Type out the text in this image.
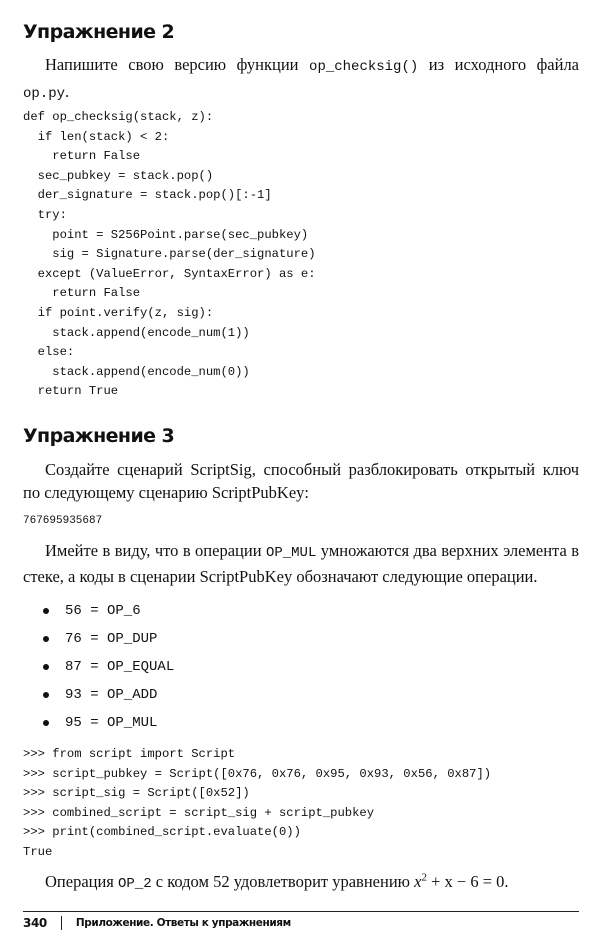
Упражнение 2
Напишите свою версию функции op_checksig() из исходного файла op.py.
def op_checksig(stack, z):
if len(stack) < 2:
return False
sec_pubkey = stack.pop()
der_signature = stack.pop()[:-1]
try:
point = S256Point.parse(sec_pubkey)
sig = Signature.parse(der_signature)
except (ValueError, SyntaxError) as e:
return False
if point.verify(z, sig):
stack.append(encode_num(1))
else:
stack.append(encode_num(0))
return True
Упражнение 3
Создайте сценарий ScriptSig, способный разблокировать открытый ключ по следующему сценарию ScriptPubKey:
767695935687
Имейте в виду, что в операции OP_MUL умножаются два верхних элемента в стеке, а коды в сценарии ScriptPubKey обозначают следующие операции.
56 = OP_6
76 = OP_DUP
87 = OP_EQUAL
93 = OP_ADD
95 = OP_MUL
>>> from script import Script
>>> script_pubkey = Script([0x76, 0x76, 0x95, 0x93, 0x56, 0x87])
>>> script_sig = Script([0x52])
>>> combined_script = script_sig + script_pubkey
>>> print(combined_script.evaluate(0))
True
Операция OP_2 с кодом 52 удовлетворит уравнению $x^2 + x - 6 = 0$.
340	Приложение. Ответы к упражнениям
